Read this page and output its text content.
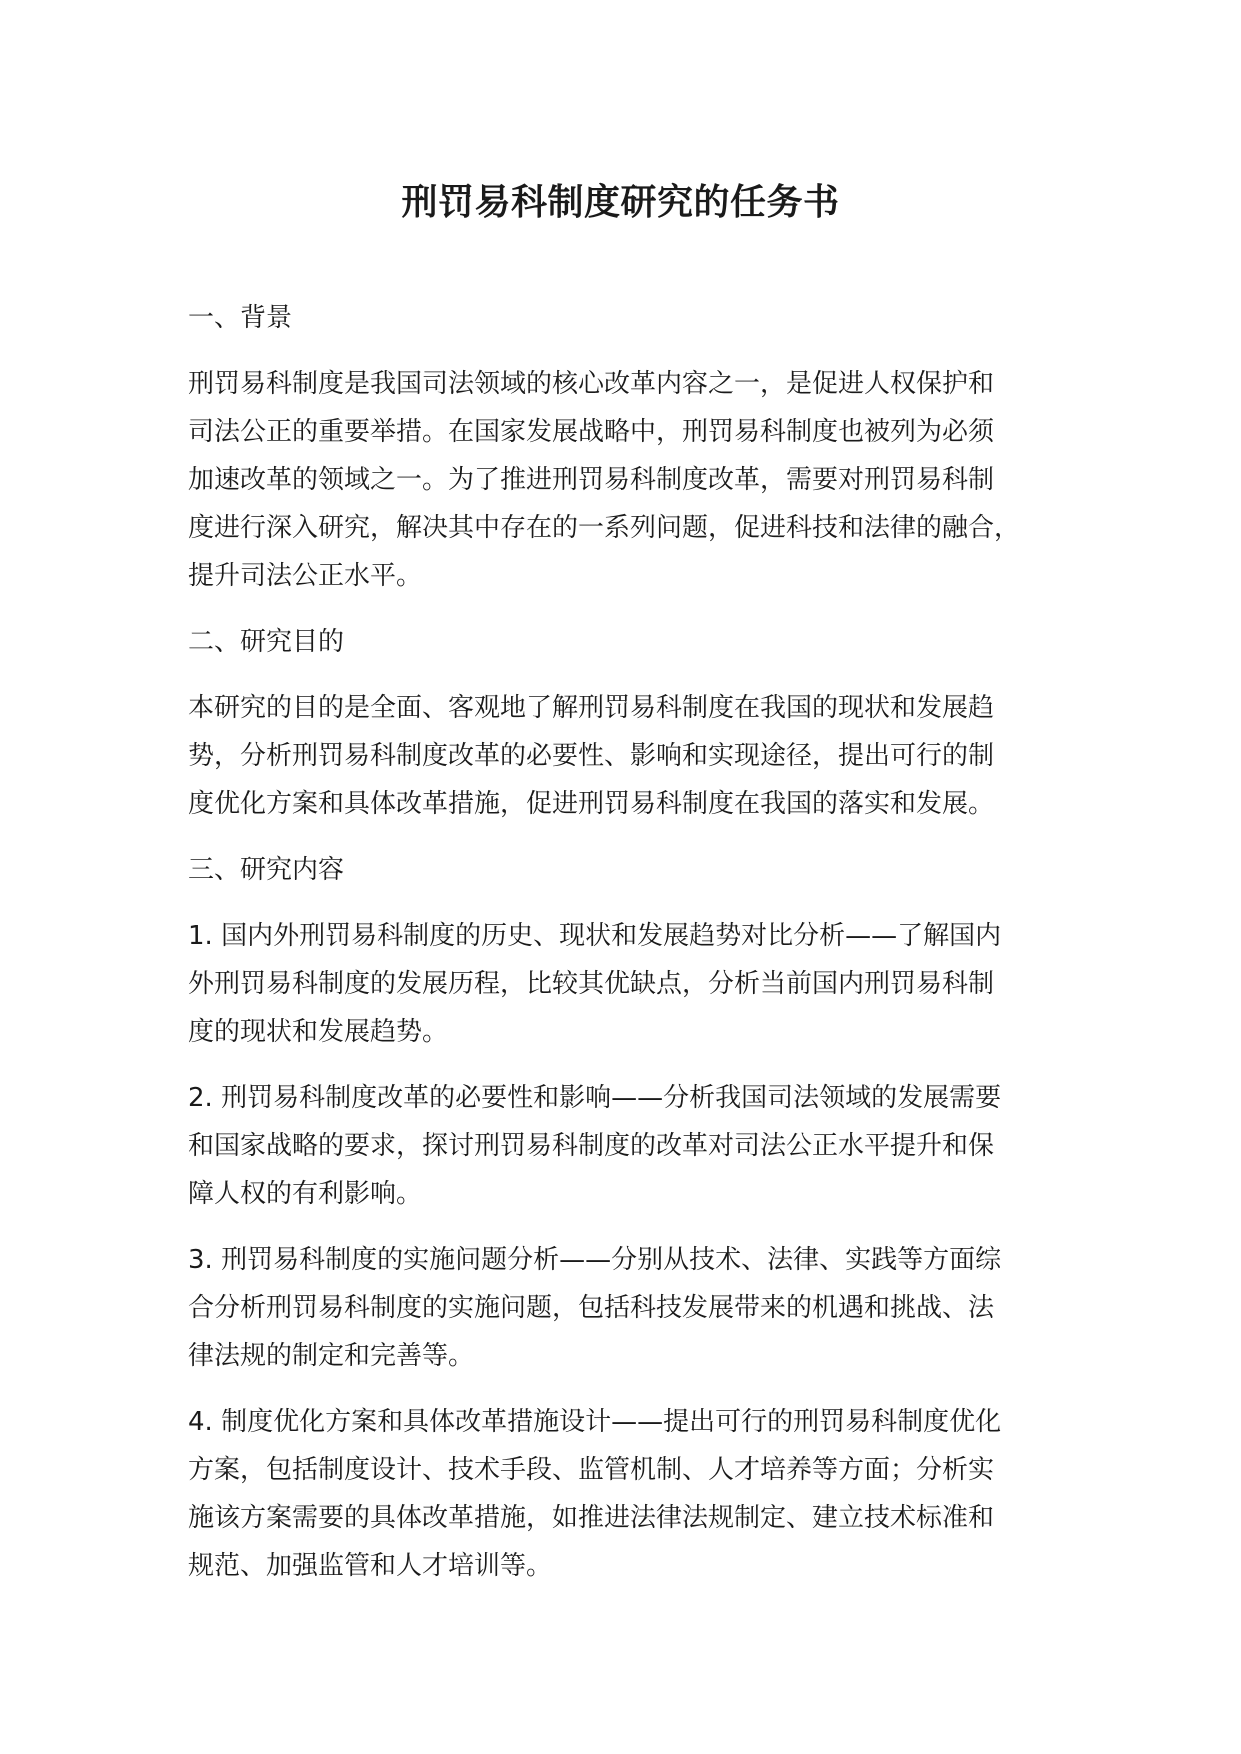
刑罚易科制度研究的任务书
一、背景
刑罚易科制度是我国司法领域的核心改革内容之一，是促进人权保护和
司法公正的重要举措。在国家发展战略中，刑罚易科制度也被列为必须
加速改革的领域之一。为了推进刑罚易科制度改革，需要对刑罚易科制
度进行深入研究，解决其中存在的一系列问题，促进科技和法律的融合，
提升司法公正水平。
二、研究目的
本研究的目的是全面、客观地了解刑罚易科制度在我国的现状和发展趋
势，分析刑罚易科制度改革的必要性、影响和实现途径，提出可行的制
度优化方案和具体改革措施，促进刑罚易科制度在我国的落实和发展。
三、研究内容
1. 国内外刑罚易科制度的历史、现状和发展趋势对比分析——了解国内
外刑罚易科制度的发展历程，比较其优缺点，分析当前国内刑罚易科制
度的现状和发展趋势。
2. 刑罚易科制度改革的必要性和影响——分析我国司法领域的发展需要
和国家战略的要求，探讨刑罚易科制度的改革对司法公正水平提升和保
障人权的有利影响。
3. 刑罚易科制度的实施问题分析——分别从技术、法律、实践等方面综
合分析刑罚易科制度的实施问题，包括科技发展带来的机遇和挑战、法
律法规的制定和完善等。
4. 制度优化方案和具体改革措施设计——提出可行的刑罚易科制度优化
方案，包括制度设计、技术手段、监管机制、人才培养等方面；分析实
施该方案需要的具体改革措施，如推进法律法规制定、建立技术标准和
规范、加强监管和人才培训等。
